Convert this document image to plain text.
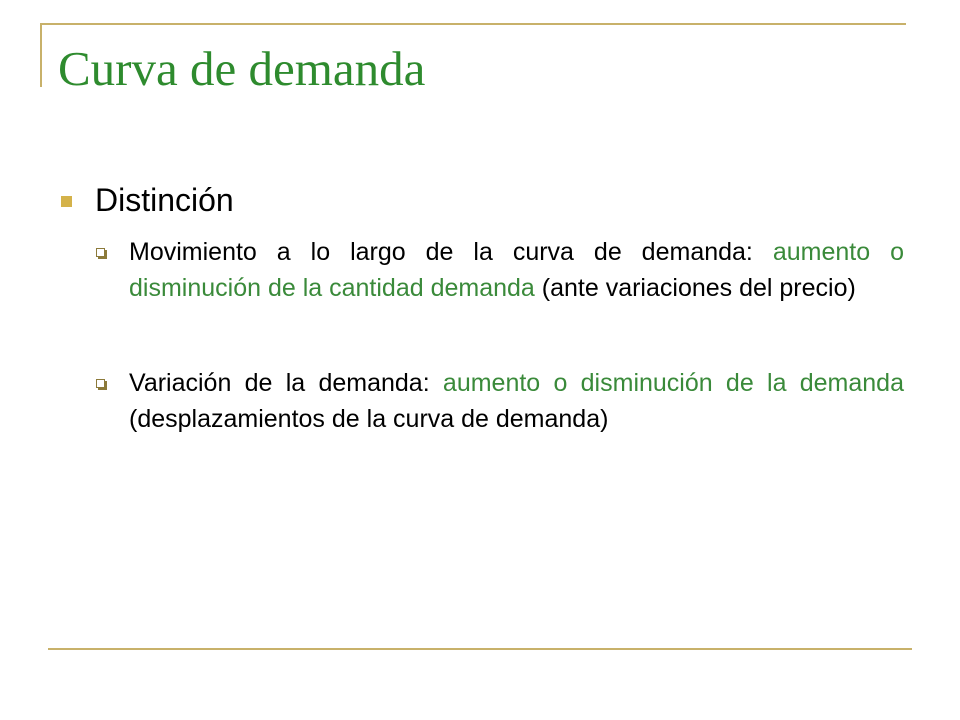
Curva de demanda
Distinción
Movimiento a lo largo de la curva de demanda: aumento o disminución de la cantidad demanda (ante variaciones del precio)
Variación de la demanda: aumento o disminución de la demanda (desplazamientos de la curva de demanda)
